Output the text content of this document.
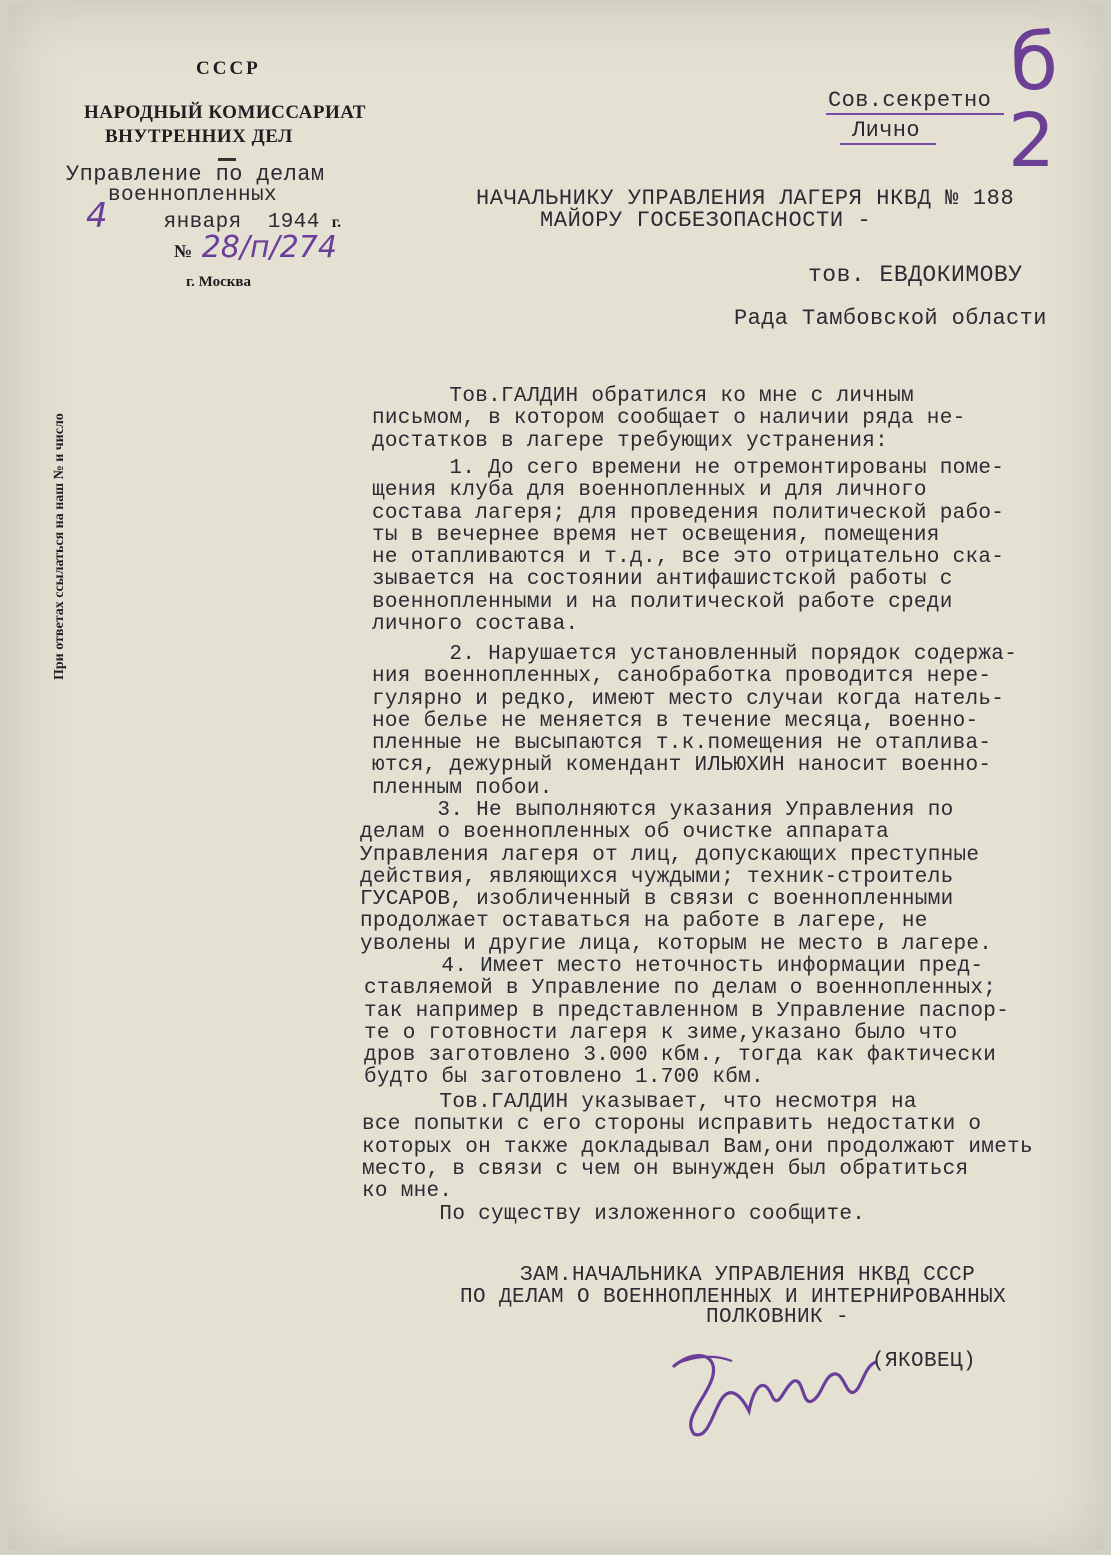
СССР
НАРОДНЫЙ КОМИССАРИАТ
ВНУТРЕННИХ ДЕЛ
Управление по делам
военнопленных
4	января 1944 г.
№ 28/п/274
г. Москва
При ответах ссылаться на наш № и число
Сов.секретно
Лично
б
2
НАЧАЛЬНИКУ УПРАВЛЕНИЯ ЛАГЕРЯ НКВД № 188
МАЙОРУ ГОСБЕЗОПАСНОСТИ -
тов. ЕВДОКИМОВУ
Рада Тамбовской области
Тов.ГАЛДИН обратился ко мне с личным
письмом, в котором сообщает о наличии ряда не-
достатков в лагере требующих устранения:
1. До сего времени не отремонтированы поме-
щения клуба для военнопленных и для личного
состава лагеря; для проведения политической рабо-
ты в вечернее время нет освещения, помещения
не отапливаются и т.д., все это отрицательно ска-
зывается на состоянии антифашистской работы с
военнопленными и на политической работе среди
личного состава.
2. Нарушается установленный порядок содержа-
ния военнопленных, санобработка проводится нере-
гулярно и редко, имеют место случаи когда натель-
ное белье не меняется в течение месяца, военно-
пленные не высыпаются т.к.помещения не отаплива-
ются, дежурный комендант ИЛЬЮХИН наносит военно-
пленным побои.
3. Не выполняются указания Управления по
делам о военнопленных об очистке аппарата
Управления лагеря от лиц, допускающих преступные
действия, являющихся чуждыми; техник-строитель
ГУСАРОВ, изобличенный в связи с военнопленными
продолжает оставаться на работе в лагере, не
уволены и другие лица, которым не место в лагере.
4. Имеет место неточность информации пред-
ставляемой в Управление по делам о военнопленных;
так например в представленном в Управление паспор-
те о готовности лагеря к зиме,указано было что
дров заготовлено 3.000 кбм., тогда как фактически
будто бы заготовлено 1.700 кбм.
Тов.ГАЛДИН указывает, что несмотря на
все попытки с его стороны исправить недостатки о
которых он также докладывал Вам,они продолжают иметь
место, в связи с чем он вынужден был обратиться
ко мне.
По существу изложенного сообщите.
ЗАМ.НАЧАЛЬНИКА УПРАВЛЕНИЯ НКВД СССР
ПО ДЕЛАМ О ВОЕННОПЛЕННЫХ И ИНТЕРНИРОВАННЫХ
ПОЛКОВНИК -
(ЯКОВЕЦ)
